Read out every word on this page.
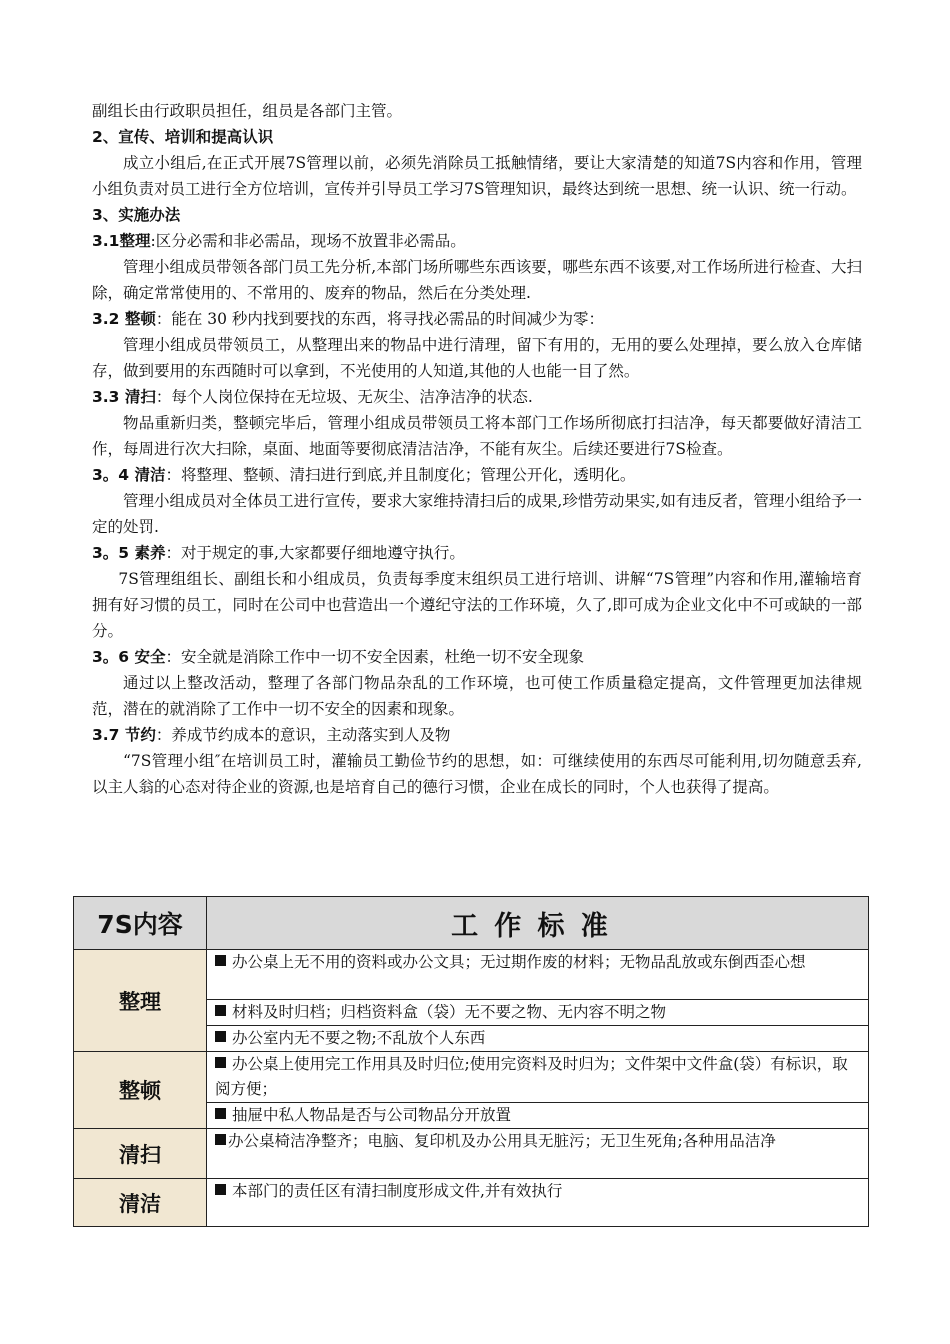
副组长由行政职员担任，组员是各部门主管。

2、宣传、培训和提高认识

成立小组后,在正式开展7S管理以前，必须先消除员工抵触情绪，要让大家清楚的知道7S内容和作用，管理小组负责对员工进行全方位培训，宣传并引导员工学习7S管理知识，最终达到统一思想、统一认识、统一行动。

3、实施办法

3.1整理:区分必需和非必需品，现场不放置非必需品。

管理小组成员带领各部门员工先分析,本部门场所哪些东西该要，哪些东西不该要,对工作场所进行检查、大扫除，确定常常使用的、不常用的、废弃的物品，然后在分类处理.

3.2 整顿：能在 30 秒内找到要找的东西，将寻找必需品的时间减少为零：

管理小组成员带领员工，从整理出来的物品中进行清理，留下有用的，无用的要么处理掉，要么放入仓库储存，做到要用的东西随时可以拿到，不光使用的人知道,其他的人也能一目了然。

3.3 清扫：每个人岗位保持在无垃圾、无灰尘、洁净洁净的状态.

物品重新归类，整顿完毕后，管理小组成员带领员工将本部门工作场所彻底打扫洁净，每天都要做好清洁工作，每周进行次大扫除，桌面、地面等要彻底清洁洁净，不能有灰尘。后续还要进行7S检查。

3。4 清洁：将整理、整顿、清扫进行到底,并且制度化；管理公开化，透明化。

管理小组成员对全体员工进行宣传，要求大家维持清扫后的成果,珍惜劳动果实,如有违反者，管理小组给予一定的处罚.

3。5 素养：对于规定的事,大家都要仔细地遵守执行。

7S管理组组长、副组长和小组成员，负责每季度末组织员工进行培训、讲解“7S管理”内容和作用,灌输培育拥有好习惯的员工，同时在公司中也营造出一个遵纪守法的工作环境，久了,即可成为企业文化中不可或缺的一部分。

3。6 安全：安全就是消除工作中一切不安全因素，杜绝一切不安全现象

通过以上整改活动，整理了各部门物品杂乱的工作环境，也可使工作质量稳定提高，文件管理更加法律规范，潜在的就消除了工作中一切不安全的因素和现象。

3.7 节约：养成节约成本的意识，主动落实到人及物

“7S管理小组″在培训员工时，灌输员工勤俭节约的思想，如：可继续使用的东西尽可能利用,切勿随意丢弃,以主人翁的心态对待企业的资源,也是培育自己的德行习惯，企业在成长的同时，个人也获得了提高。

7S内容	工作标准
整理	办公桌上无不用的资料或办公文具；无过期作废的材料；无物品乱放或东倒西歪心想
	材料及时归档；归档资料盒（袋）无不要之物、无内容不明之物
	办公室内无不要之物;不乱放个人东西
整顿	办公桌上使用完工作用具及时归位;使用完资料及时归为；文件架中文件盒(袋）有标识，取阅方便；
	抽屉中私人物品是否与公司物品分开放置
清扫	办公桌椅洁净整齐；电脑、复印机及办公用具无脏污；无卫生死角;各种用品洁净
清洁	本部门的责任区有清扫制度形成文件,并有效执行
